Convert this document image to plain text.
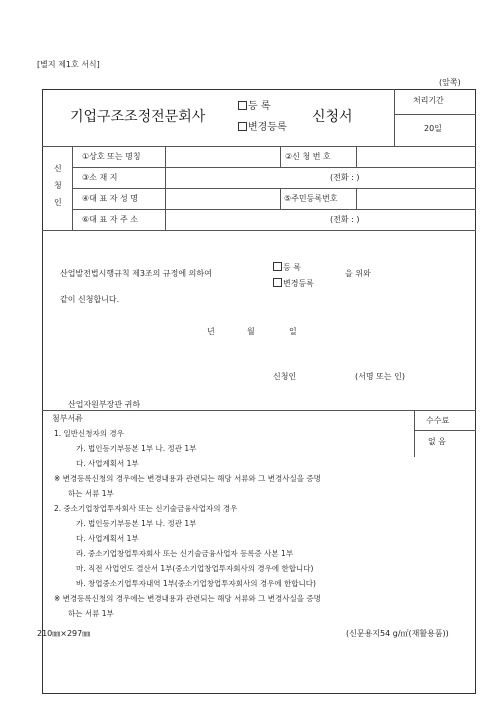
[별지 제1호 서식]
(앞쪽)
기업구조조정전문회사
등 록
변경등록
신청서
처리기간
20일
신
청
인
①상호 또는 명칭	②신 청 번 호
③소 재 지	(전화 : )
④대 표 자 성 명	⑤주민등록번호
⑥대 표 자 주 소	(전화 : )
산업발전법시행규칙 제3조의 규정에 의하여
등 록
변경등록
을 위와
같이 신청합니다.
년	월	일
신청인	(서명 또는 인)
산업자원부장관 귀하
수수료
없 음
첨부서류
1. 일반신청자의 경우
가. 법인등기부등본 1부 나. 정관 1부
다. 사업계획서 1부
※ 변경등록신청의 경우에는 변경내용과 관련되는 해당 서류와 그 변경사실을 증명
하는 서류 1부
2. 중소기업창업투자회사 또는 신기술금융사업자의 경우
가. 법인등기부등본 1부 나. 정관 1부
다. 사업계획서 1부
라. 중소기업창업투자회사 또는 신기술금융사업자 등록증 사본 1부
마. 직전 사업연도 결산서 1부(중소기업창업투자회사의 경우에 한합니다)
바. 창업중소기업투자내역 1부(중소기업창업투자회사의 경우에 한합니다)
※ 변경등록신청의 경우에는 변경내용과 관련되는 해당 서류와 그 변경사실을 증명
하는 서류 1부
210㎜×297㎜	(신문용지54 g/㎡(재활용품))
